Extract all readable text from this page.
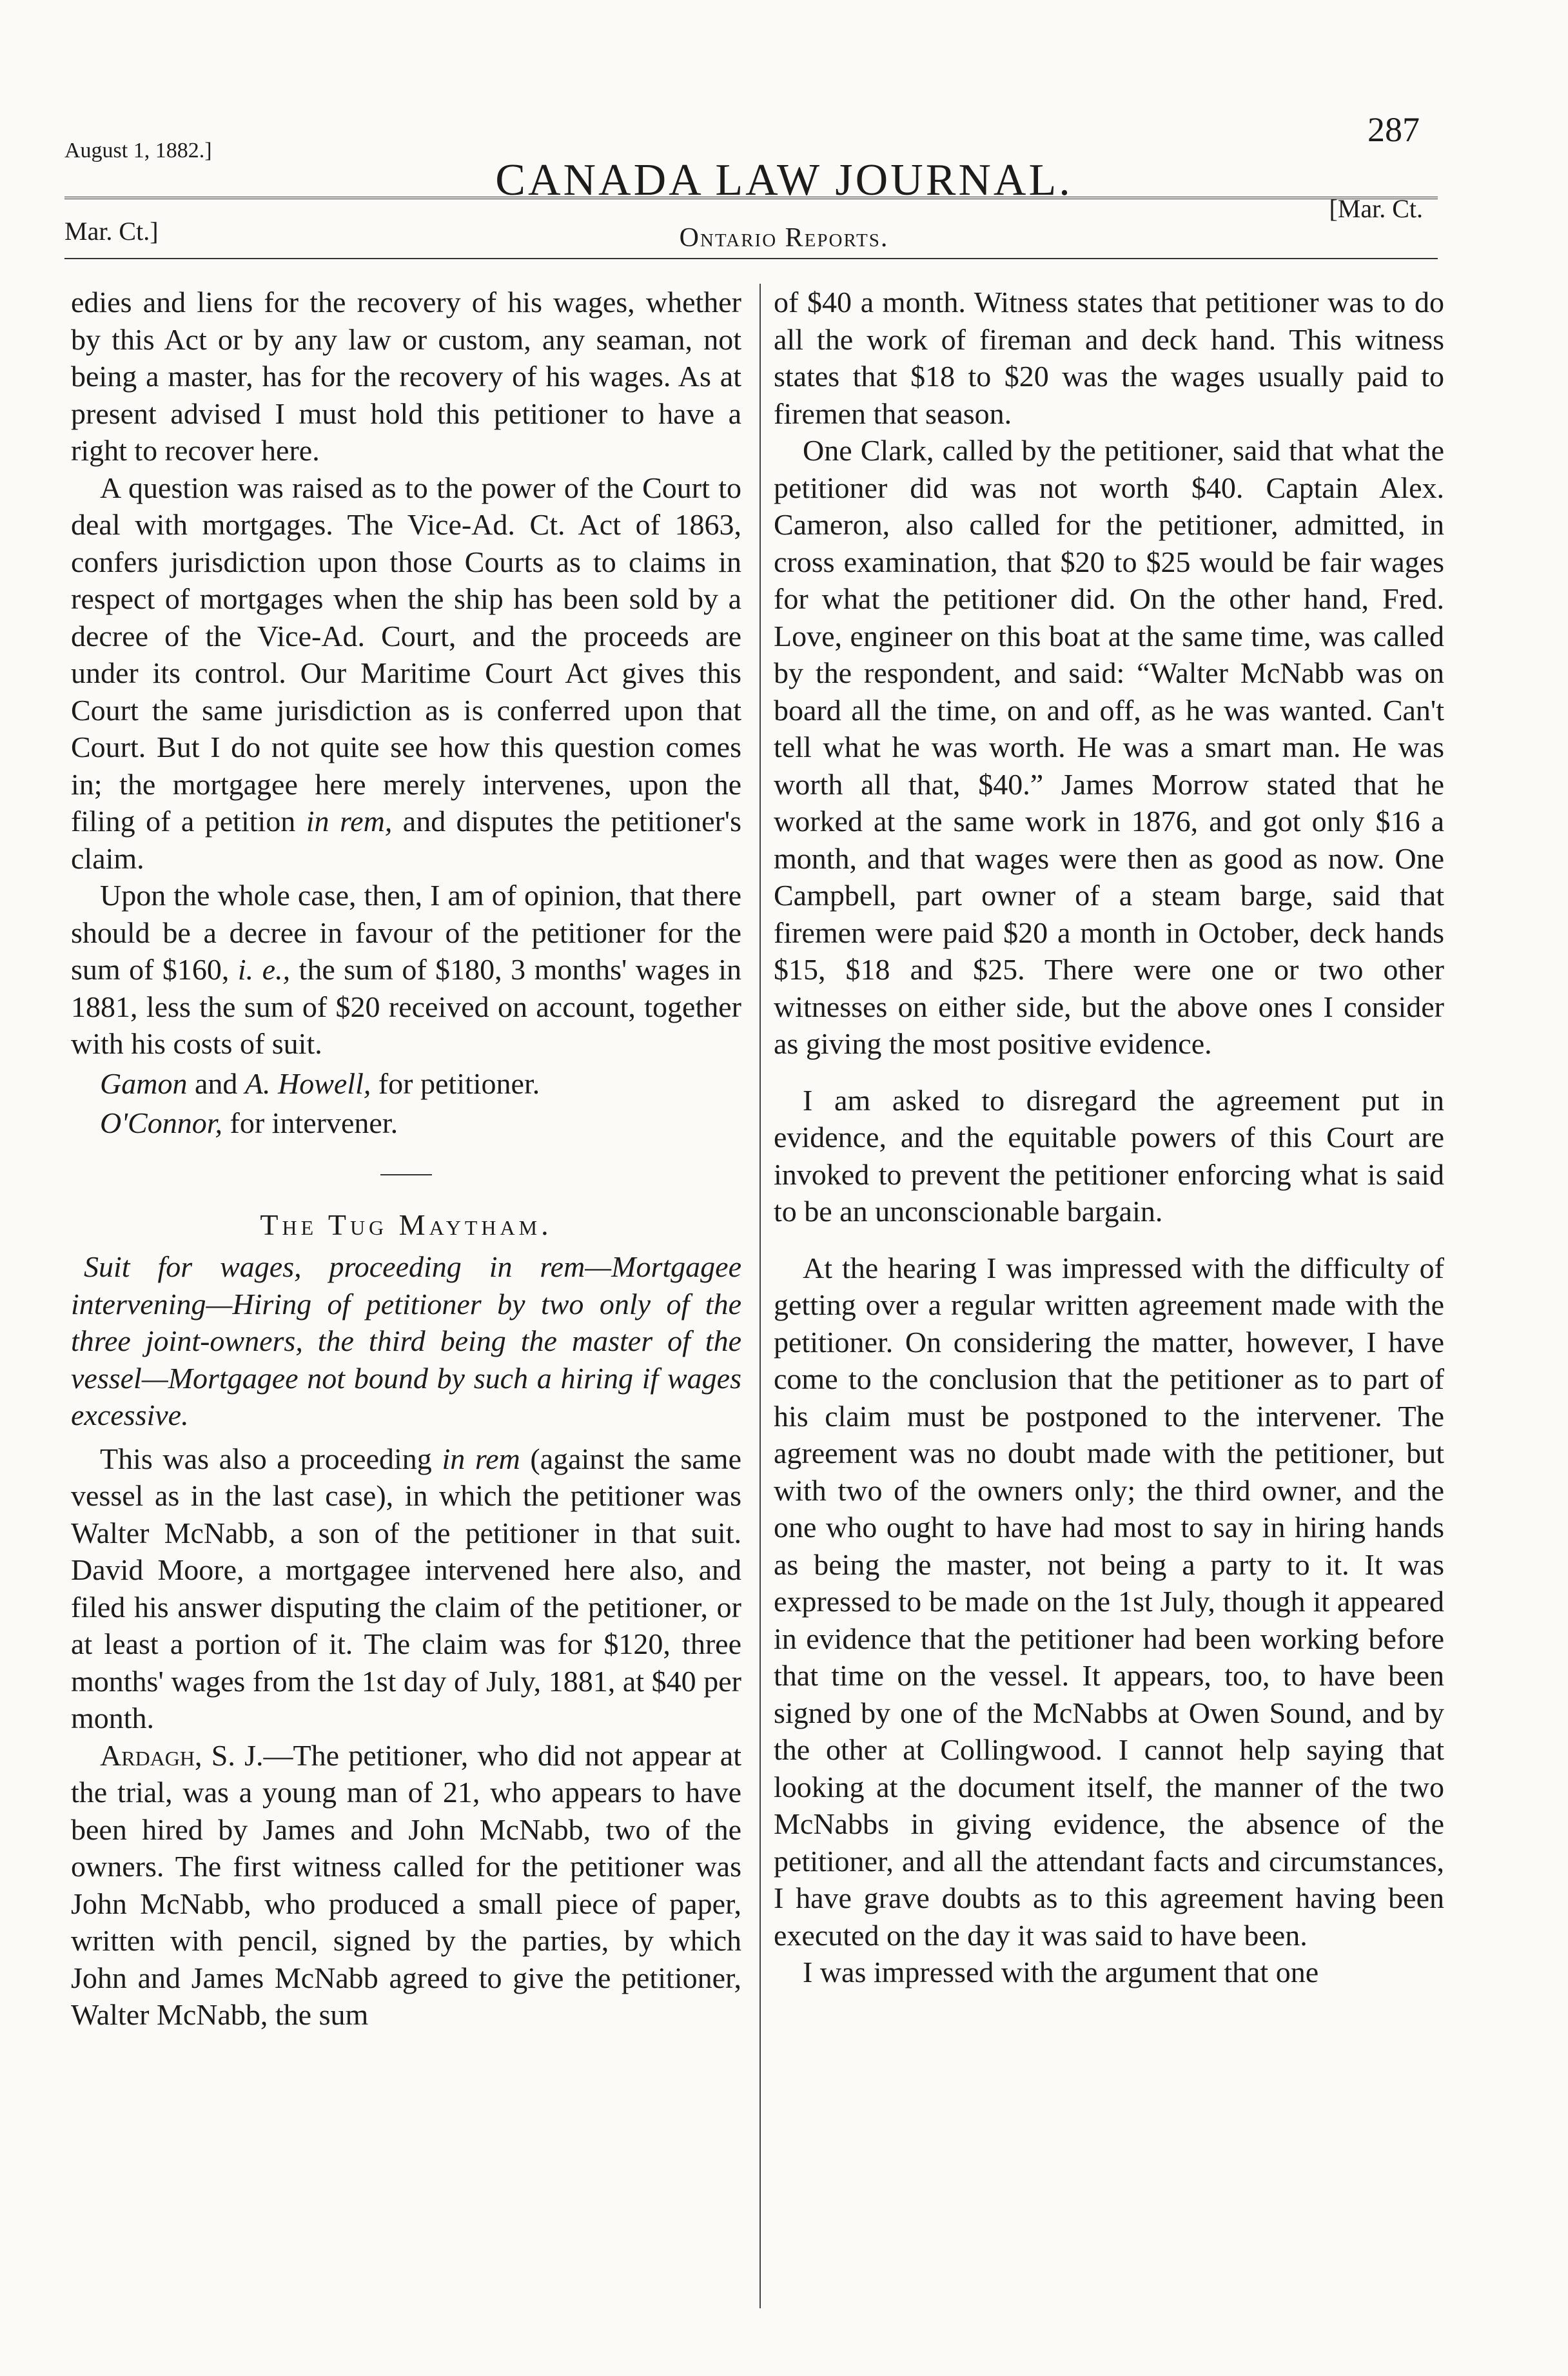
August 1, 1882.]
CANADA LAW JOURNAL.
287
Mar. Ct.]	Ontario Reports.
[Mar. Ct.

edies and liens for the recovery of his wages, whether by this Act or by any law or custom, any seaman, not being a master, has for the recovery of his wages. As at present advised I must hold this petitioner to have a right to recover here.

A question was raised as to the power of the Court to deal with mortgages. The Vice-Ad. Ct. Act of 1863, confers jurisdiction upon those Courts as to claims in respect of mortgages when the ship has been sold by a decree of the Vice-Ad. Court, and the proceeds are under its control. Our Maritime Court Act gives this Court the same jurisdiction as is conferred upon that Court. But I do not quite see how this question comes in; the mortgagee here merely intervenes, upon the filing of a petition in rem, and disputes the petitioner's claim.

Upon the whole case, then, I am of opinion, that there should be a decree in favour of the petitioner for the sum of $160, i. e., the sum of $180, 3 months' wages in 1881, less the sum of $20 received on account, together with his costs of suit.

Gamon and A. Howell, for petitioner.

O'Connor, for intervener.

The Tug Maytham.

Suit for wages, proceeding in rem—Mortgagee intervening—Hiring of petitioner by two only of the three joint-owners, the third being the master of the vessel—Mortgagee not bound by such a hiring if wages excessive.

This was also a proceeding in rem (against the same vessel as in the last case), in which the petitioner was Walter McNabb, a son of the petitioner in that suit. David Moore, a mortgagee intervened here also, and filed his answer disputing the claim of the petitioner, or at least a portion of it. The claim was for $120, three months' wages from the 1st day of July, 1881, at $40 per month.

Ardagh, S. J.—The petitioner, who did not appear at the trial, was a young man of 21, who appears to have been hired by James and John McNabb, two of the owners. The first witness called for the petitioner was John McNabb, who produced a small piece of paper, written with pencil, signed by the parties, by which John and James McNabb agreed to give the petitioner, Walter McNabb, the sum

of $40 a month. Witness states that petitioner was to do all the work of fireman and deck hand. This witness states that $18 to $20 was the wages usually paid to firemen that season.

One Clark, called by the petitioner, said that what the petitioner did was not worth $40. Captain Alex. Cameron, also called for the petitioner, admitted, in cross examination, that $20 to $25 would be fair wages for what the petitioner did. On the other hand, Fred. Love, engineer on this boat at the same time, was called by the respondent, and said: “Walter McNabb was on board all the time, on and off, as he was wanted. Can't tell what he was worth. He was a smart man. He was worth all that, $40.” James Morrow stated that he worked at the same work in 1876, and got only $16 a month, and that wages were then as good as now. One Campbell, part owner of a steam barge, said that firemen were paid $20 a month in October, deck hands $15, $18 and $25. There were one or two other witnesses on either side, but the above ones I consider as giving the most positive evidence.

I am asked to disregard the agreement put in evidence, and the equitable powers of this Court are invoked to prevent the petitioner enforcing what is said to be an unconscionable bargain.

At the hearing I was impressed with the difficulty of getting over a regular written agreement made with the petitioner. On considering the matter, however, I have come to the conclusion that the petitioner as to part of his claim must be postponed to the intervener. The agreement was no doubt made with the petitioner, but with two of the owners only; the third owner, and the one who ought to have had most to say in hiring hands as being the master, not being a party to it. It was expressed to be made on the 1st July, though it appeared in evidence that the petitioner had been working before that time on the vessel. It appears, too, to have been signed by one of the McNabbs at Owen Sound, and by the other at Collingwood. I cannot help saying that looking at the document itself, the manner of the two McNabbs in giving evidence, the absence of the petitioner, and all the attendant facts and circumstances, I have grave doubts as to this agreement having been executed on the day it was said to have been.

I was impressed with the argument that one
